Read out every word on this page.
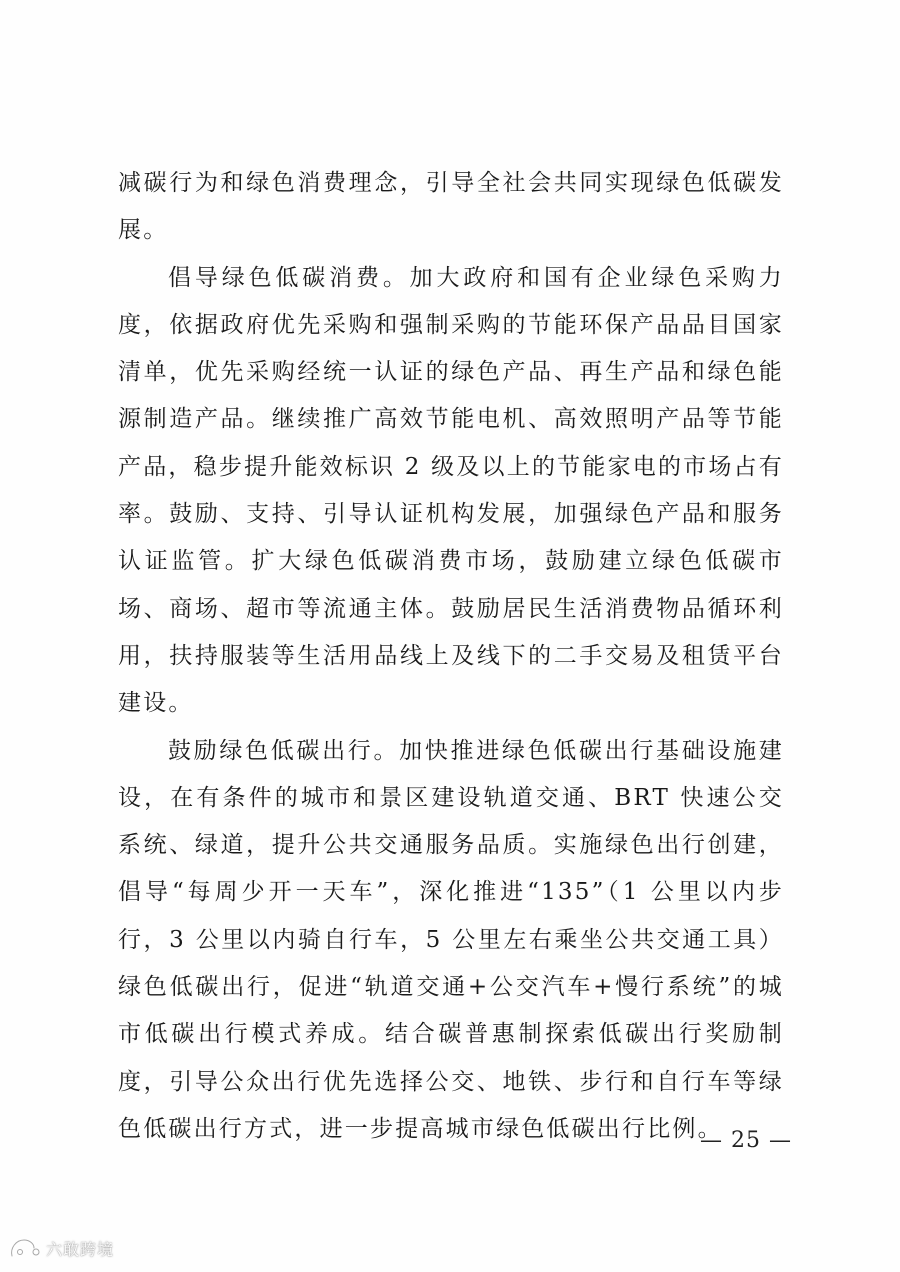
减碳行为和绿色消费理念，引导全社会共同实现绿色低碳发展。

倡导绿色低碳消费。加大政府和国有企业绿色采购力度，依据政府优先采购和强制采购的节能环保产品品目国家清单，优先采购经统一认证的绿色产品、再生产品和绿色能源制造产品。继续推广高效节能电机、高效照明产品等节能产品，稳步提升能效标识 2 级及以上的节能家电的市场占有率。鼓励、支持、引导认证机构发展，加强绿色产品和服务认证监管。扩大绿色低碳消费市场，鼓励建立绿色低碳市场、商场、超市等流通主体。鼓励居民生活消费物品循环利用，扶持服装等生活用品线上及线下的二手交易及租赁平台建设。

鼓励绿色低碳出行。加快推进绿色低碳出行基础设施建设，在有条件的城市和景区建设轨道交通、BRT 快速公交系统、绿道，提升公共交通服务品质。实施绿色出行创建，倡导“每周少开一天车”，深化推进“135”（1 公里以内步行，3 公里以内骑自行车，5 公里左右乘坐公共交通工具）绿色低碳出行，促进“轨道交通+公交汽车+慢行系统”的城市低碳出行模式养成。结合碳普惠制探索低碳出行奖励制度，引导公众出行优先选择公交、地铁、步行和自行车等绿色低碳出行方式，进一步提高城市绿色低碳出行比例。

— 25 —
六敢跨境
